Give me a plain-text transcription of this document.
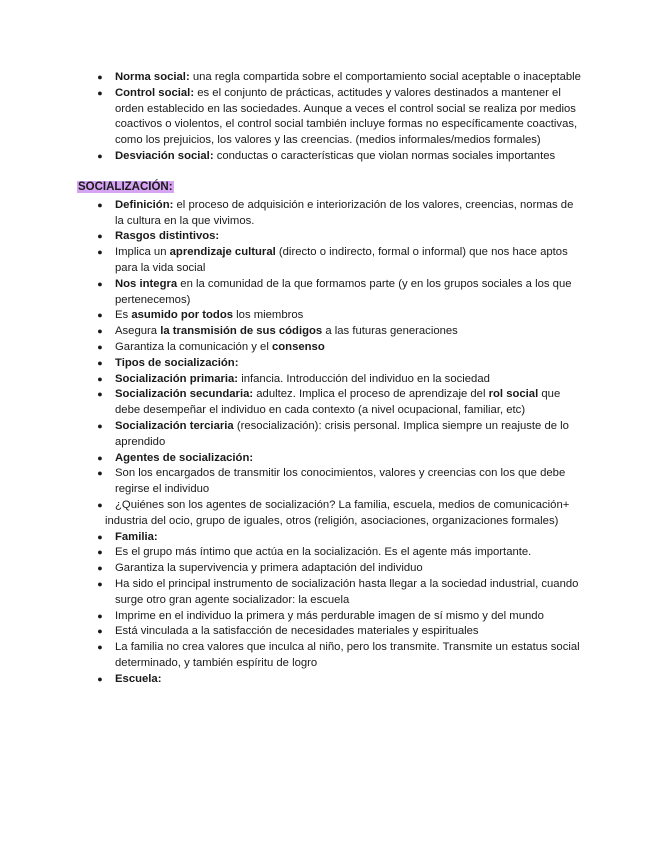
● Norma social: una regla compartida sobre el comportamiento social aceptable o inaceptable
● Control social: es el conjunto de prácticas, actitudes y valores destinados a mantener el orden establecido en las sociedades. Aunque a veces el control social se realiza por medios coactivos o violentos, el control social también incluye formas no específicamente coactivas, como los prejuicios, los valores y las creencias. (medios informales/medios formales)
● Desviación social: conductas o características que violan normas sociales importantes
SOCIALIZACIÓN:
● Definición: el proceso de adquisición e interiorización de los valores, creencias, normas de la cultura en la que vivimos.
● Rasgos distintivos:
● Implica un aprendizaje cultural (directo o indirecto, formal o informal) que nos hace aptos para la vida social
● Nos integra en la comunidad de la que formamos parte (y en los grupos sociales a los que pertenecemos)
● Es asumido por todos los miembros
● Asegura la transmisión de sus códigos a las futuras generaciones
● Garantiza la comunicación y el consenso
● Tipos de socialización:
● Socialización primaria: infancia. Introducción del individuo en la sociedad
● Socialización secundaria: adultez. Implica el proceso de aprendizaje del rol social que debe desempeñar el individuo en cada contexto (a nivel ocupacional, familiar, etc)
● Socialización terciaria (resocialización): crisis personal. Implica siempre un reajuste de lo aprendido
● Agentes de socialización:
● Son los encargados de transmitir los conocimientos, valores y creencias con los que debe regirse el individuo
● ¿Quiénes son los agentes de socialización? La familia, escuela, medios de comunicación+

industria del ocio, grupo de iguales, otros (religión, asociaciones, organizaciones formales)

● Familia:
● Es el grupo más íntimo que actúa en la socialización. Es el agente más importante.
● Garantiza la supervivencia y primera adaptación del individuo
● Ha sido el principal instrumento de socialización hasta llegar a la sociedad industrial, cuando surge otro gran agente socializador: la escuela
● Imprime en el individuo la primera y más perdurable imagen de sí mismo y del mundo
● Está vinculada a la satisfacción de necesidades materiales y espirituales
● La familia no crea valores que inculca al niño, pero los transmite. Transmite un estatus social determinado, y también espíritu de logro
● Escuela:
